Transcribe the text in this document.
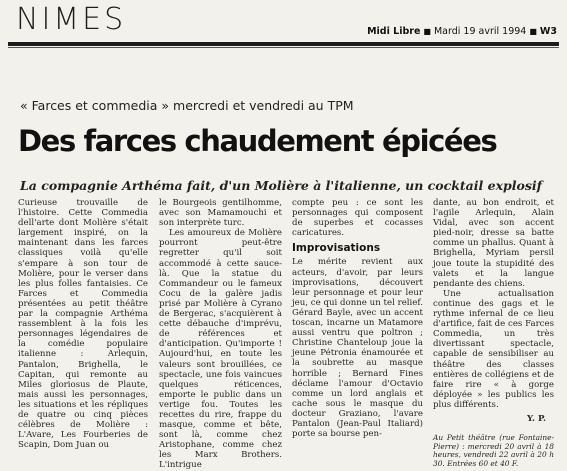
NIMES	Midi Libre ■ Mardi 19 avril 1994 ■ W3
« Farces et commedia » mercredi et vendredi au TPM
Des farces chaudement épicées
La compagnie Arthéma fait, d'un Molière à l'italienne, un cocktail explosif

Curieuse trouvaille de l'histoire. Cette Commedia dell'arte dont Molière s'était largement inspiré, on la maintenant dans les farces classiques voilà qu'elle s'empare à son tour de Molière, pour le verser dans les plus folles fantaisies. Ce Farces et Commedia présentées au petit théâtre par la compagnie Arthéma rassemblent à la fois les personnages légendaires de la comédie populaire italienne : Arlequin, Pantalon, Brighella, le Capitan, qui remonte au Miles gloriosus de Plaute, mais aussi les personnages, les situations et les répliques de quatre ou cinq pièces célèbres de Molière : L'Avare, Les Fourberies de Scapin, Dom Juan ou

le Bourgeois gentilhomme, avec son Mamamouchi et son interprète turc.

Les amoureux de Molière pourront peut-être regretter qu'il soit accommodé à cette sauce-là. Que la statue du Commandeur ou le fameux Cocu de la galère jadis prisé par Molière à Cyrano de Bergerac, s'acquièrent à cette débauche d'imprévu, de références et d'anticipation. Qu'importe ! Aujourd'hui, en toute les valeurs sont brouillées, ce spectacle, une fois vaincues quelques réticences, emporte le public dans un vertige fou. Toutes les recettes du rire, frappe du masque, comme et bête, sont là, comme chez Aristophane, comme chez les Marx Brothers. L'intrigue

compte peu : ce sont les personnages qui composent de superbes et cocasses caricatures.

Improvisations

Le mérite revient aux acteurs, d'avoir, par leurs improvisations, découvert leur personnage et pour leur jeu, ce qui donne un tel relief. Gérard Bayle, avec un accent toscan, incarne un Matamore aussi ventru que poltron ; Christine Chanteloup joue la jeune Pétronia énamourée et la soubrette au masque horrible ; Bernard Fines déclame l'amour d'Octavio comme un lord anglais et cache sous le masque du docteur Graziano, l'avare Pantalon (Jean-Paul Italiard) porte sa bourse pen-

dante, au bon endroit, et l'agile Arlequin, Alain Vidal, avec son accent pied-noir, dresse sa batte comme un phallus. Quant à Brighella, Myriam persil joue toute la stupidité des valets et la langue pendante des chiens.

Une actualisation continue des gags et le rythme infernal de ce lieu d'artifice, fait de ces Farces Commedia, un très divertissant spectacle, capable de sensibiliser au théâtre des classes entières de collégiens et de faire rire « à gorge déployée » les publics les plus différents.

Y. P.
Au Petit théâtre (rue Fontaine-Pierre) : mercredi 20 avril à 18 heures, vendredi 22 avril à 20 h 30. Entrées 60 et 40 F.
